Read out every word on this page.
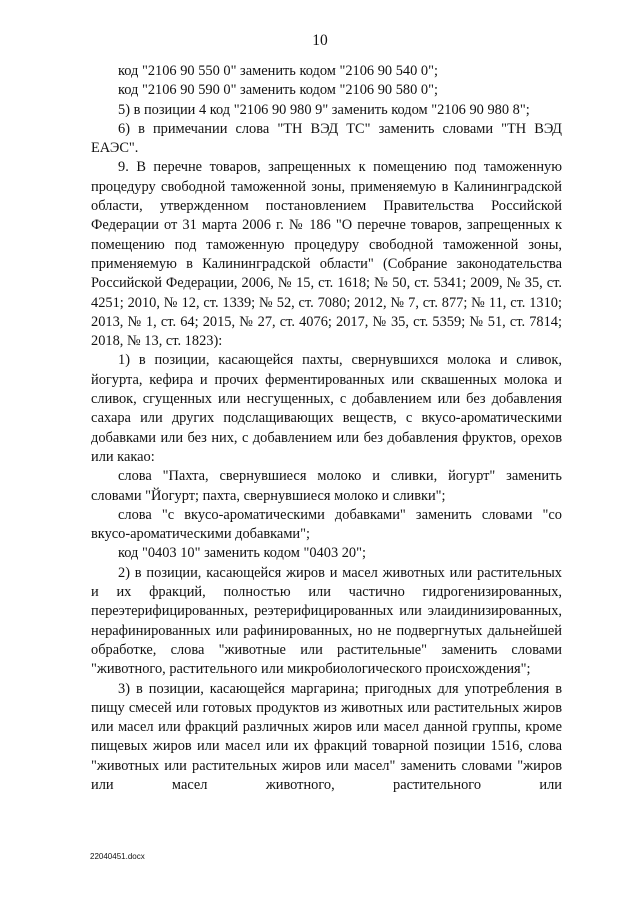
10

код "2106 90 550 0" заменить кодом "2106 90 540 0";

код "2106 90 590 0" заменить кодом "2106 90 580 0";

5) в позиции 4 код "2106 90 980 9" заменить кодом "2106 90 980 8";

6) в примечании слова "ТН ВЭД ТС" заменить словами "ТН ВЭД ЕАЭС".

9. В перечне товаров, запрещенных к помещению под таможенную процедуру свободной таможенной зоны, применяемую в Калининградской области, утвержденном постановлением Правительства Российской Федерации от 31 марта 2006 г. № 186 "О перечне товаров, запрещенных к помещению под таможенную процедуру свободной таможенной зоны, применяемую в Калининградской области" (Собрание законодательства Российской Федерации, 2006, № 15, ст. 1618; № 50, ст. 5341; 2009, № 35, ст. 4251; 2010, № 12, ст. 1339; № 52, ст. 7080; 2012, № 7, ст. 877; № 11, ст. 1310; 2013, № 1, ст. 64; 2015, № 27, ст. 4076; 2017, № 35, ст. 5359; № 51, ст. 7814; 2018, № 13, ст. 1823):

1) в позиции, касающейся пахты, свернувшихся молока и сливок, йогурта, кефира и прочих ферментированных или сквашенных молока и сливок, сгущенных или несгущенных, с добавлением или без добавления сахара или других подслащивающих веществ, с вкусо-ароматическими добавками или без них, с добавлением или без добавления фруктов, орехов или какао:

слова "Пахта, свернувшиеся молоко и сливки, йогурт" заменить словами "Йогурт; пахта, свернувшиеся молоко и сливки";

слова "с вкусо-ароматическими добавками" заменить словами "со вкусо-ароматическими добавками";

код "0403 10" заменить кодом "0403 20";

2) в позиции, касающейся жиров и масел животных или растительных и их фракций, полностью или частично гидрогенизированных, переэтерифицированных, реэтерифицированных или элаидинизированных, нерафинированных или рафинированных, но не подвергнутых дальнейшей обработке, слова "животные или растительные" заменить словами "животного, растительного или микробиологического происхождения";

3) в позиции, касающейся маргарина; пригодных для употребления в пищу смесей или готовых продуктов из животных или растительных жиров или масел или фракций различных жиров или масел данной группы, кроме пищевых жиров или масел или их фракций товарной позиции 1516, слова "животных или растительных жиров или масел" заменить словами "жиров или масел животного, растительного или

22040451.docx
